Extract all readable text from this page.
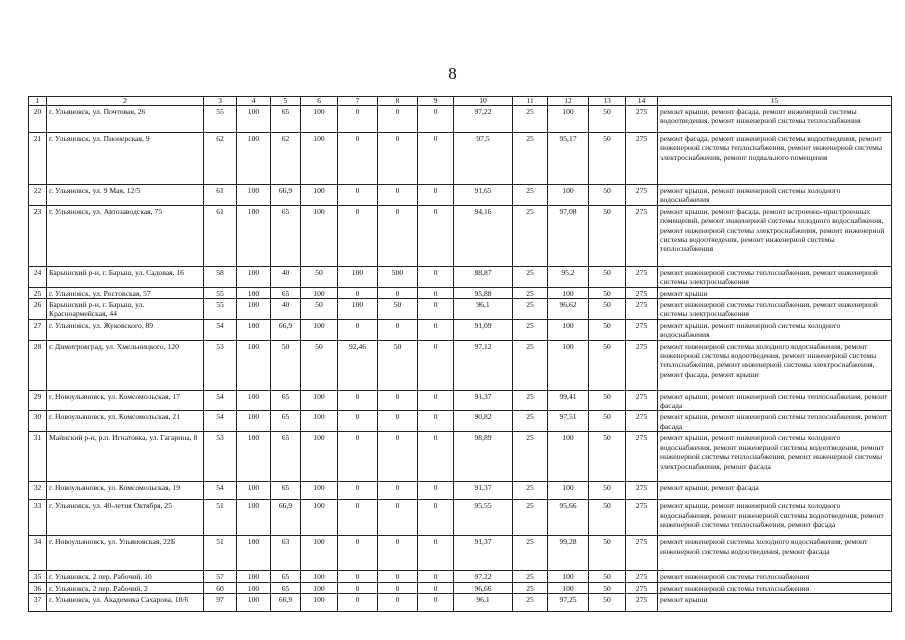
8
1	2	3	4	5	6	7	8	9	10	11	12	13	14	15
20	г. Ульяновск, ул. Почтовая, 26	55	100	65	100	0	0	0	97,22	25	100	50	275	ремонт крыши, ремонт фасада, ремонт инженерной системы водоотведения, ремонт инженерной системы теплоснабжения
21	г. Ульяновск, ул. Пионерская, 9	62	100	62	100	0	0	0	97,5	25	95,17	50	275	ремонт фасада, ремонт инженерной системы водоотведения, ремонт инженерной системы теплоснабжения, ремонт инженерной системы электроснабжения, ремонт подвального помещения
22	г. Ульяновск, ул. 9 Мая, 12/5	61	100	66,9	100	0	0	0	91,65	25	100	50	275	ремонт крыши, ремонт инженерной системы холодного водоснабжения
23	г. Ульяновск, ул. Автозаводская, 75	61	100	65	100	0	0	0	94,16	25	97,08	50	275	ремонт крыши, ремонт фасада, ремонт встроенно-пристроенных помещений, ремонт инженерной системы холодного водоснабжения, ремонт инженерной системы электроснабжения, ремонт инженерной системы водоотведения, ремонт инженерной системы теплоснабжения
24	Барышский р-н, г. Барыш, ул. Садовая, 16	58	100	40	50	100	500	0	88,87	25	95,2	50	275	ремонт инженерной системы теплоснабжения, ремонт инженерной системы электроснабжения
25	г. Ульяновск, ул. Ростовская, 57	55	100	65	100	0	0	0	95,88	25	100	50	275	ремонт крыши
26	Барышский р-н, г. Барыш, ул. Красноармейская, 44	55	100	40	50	100	50	0	96,1	25	96,62	50	275	ремонт инженерной системы теплоснабжения, ремонт инженерной системы электроснабжения
27	г. Ульяновск, ул. Жуковского, 89	54	100	66,9	100	0	0	0	91,09	25	100	50	275	ремонт крыши, ремонт инженерной системы холодного водоснабжения
28	г. Димитровград, ул. Хмельницкого, 120	53	100	50	50	92,46	50	0	97,12	25	100	50	275	ремонт инженерной системы холодного водоснабжения, ремонт инженерной системы водоотведения, ремонт инженерной системы теплоснабжения, ремонт инженерной системы электроснабжения, ремонт фасада, ремонт крыши
29	г. Новоульяновск, ул. Комсомольская, 17	54	100	65	100	0	0	0	91,37	25	99,41	50	275	ремонт крыши, ремонт инженерной системы теплоснабжения, ремонт фасада
30	г. Новоульяновск, ул. Комсомольская, 21	54	100	65	100	0	0	0	90,82	25	97,51	50	275	ремонт крыши, ремонт инженерной системы теплоснабжения, ремонт фасада
31	Майнский р-н, р.п. Игнатовка, ул. Гагарина, 8	53	100	65	100	0	0	0	98,89	25	100	50	275	ремонт крыши, ремонт инженерной системы холодного водоснабжения, ремонт инженерной системы водоотведения, ремонт инженерной системы теплоснабжения, ремонт инженерной системы электроснабжения, ремонт фасада
32	г. Новоульяновск, ул. Комсомольская, 19	54	100	65	100	0	0	0	91,37	25	100	50	275	ремонт крыши, ремонт фасада
33	г. Ульяновск, ул. 40-летия Октября, 25	51	100	66,9	100	0	0	0	95,55	25	95,66	50	275	ремонт крыши, ремонт инженерной системы холодного водоснабжения, ремонт инженерной системы водоотведения, ремонт инженерной системы теплоснабжения, ремонт фасада
34	г. Новоульяновск, ул. Ульяновская, 22Б	51	100	63	100	0	0	0	91,37	25	99,28	50	275	ремонт инженерной системы холодного водоснабжения, ремонт инженерной системы водоотведения, ремонт фасада
35	г. Ульяновск, 2 пер. Рабочий, 10	57	100	65	100	0	0	0	97,22	25	100	50	275	ремонт инженерной системы теплоснабжения
36	г. Ульяновск, 2 пер. Рабочий, 2	60	100	65	100	0	0	0	96,66	25	100	50	275	ремонт инженерной системы теплоснабжения
37	г. Ульяновск, ул. Академика Сахарова, 18/6	97	100	66,9	100	0	0	0	96,1	25	97,25	50	275	ремонт крыши
